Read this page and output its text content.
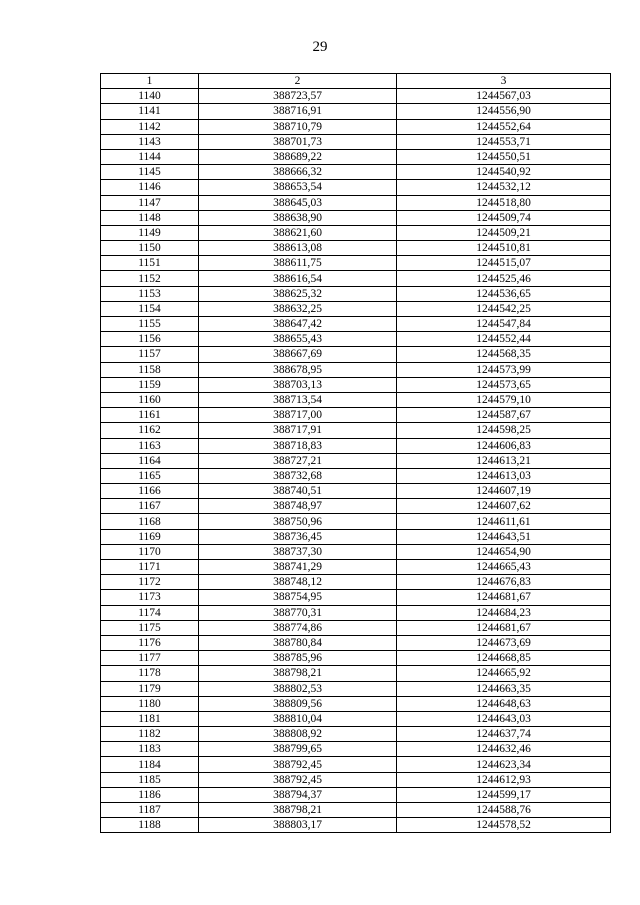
29
1	2	3
1140	388723,57	1244567,03
1141	388716,91	1244556,90
1142	388710,79	1244552,64
1143	388701,73	1244553,71
1144	388689,22	1244550,51
1145	388666,32	1244540,92
1146	388653,54	1244532,12
1147	388645,03	1244518,80
1148	388638,90	1244509,74
1149	388621,60	1244509,21
1150	388613,08	1244510,81
1151	388611,75	1244515,07
1152	388616,54	1244525,46
1153	388625,32	1244536,65
1154	388632,25	1244542,25
1155	388647,42	1244547,84
1156	388655,43	1244552,44
1157	388667,69	1244568,35
1158	388678,95	1244573,99
1159	388703,13	1244573,65
1160	388713,54	1244579,10
1161	388717,00	1244587,67
1162	388717,91	1244598,25
1163	388718,83	1244606,83
1164	388727,21	1244613,21
1165	388732,68	1244613,03
1166	388740,51	1244607,19
1167	388748,97	1244607,62
1168	388750,96	1244611,61
1169	388736,45	1244643,51
1170	388737,30	1244654,90
1171	388741,29	1244665,43
1172	388748,12	1244676,83
1173	388754,95	1244681,67
1174	388770,31	1244684,23
1175	388774,86	1244681,67
1176	388780,84	1244673,69
1177	388785,96	1244668,85
1178	388798,21	1244665,92
1179	388802,53	1244663,35
1180	388809,56	1244648,63
1181	388810,04	1244643,03
1182	388808,92	1244637,74
1183	388799,65	1244632,46
1184	388792,45	1244623,34
1185	388792,45	1244612,93
1186	388794,37	1244599,17
1187	388798,21	1244588,76
1188	388803,17	1244578,52
